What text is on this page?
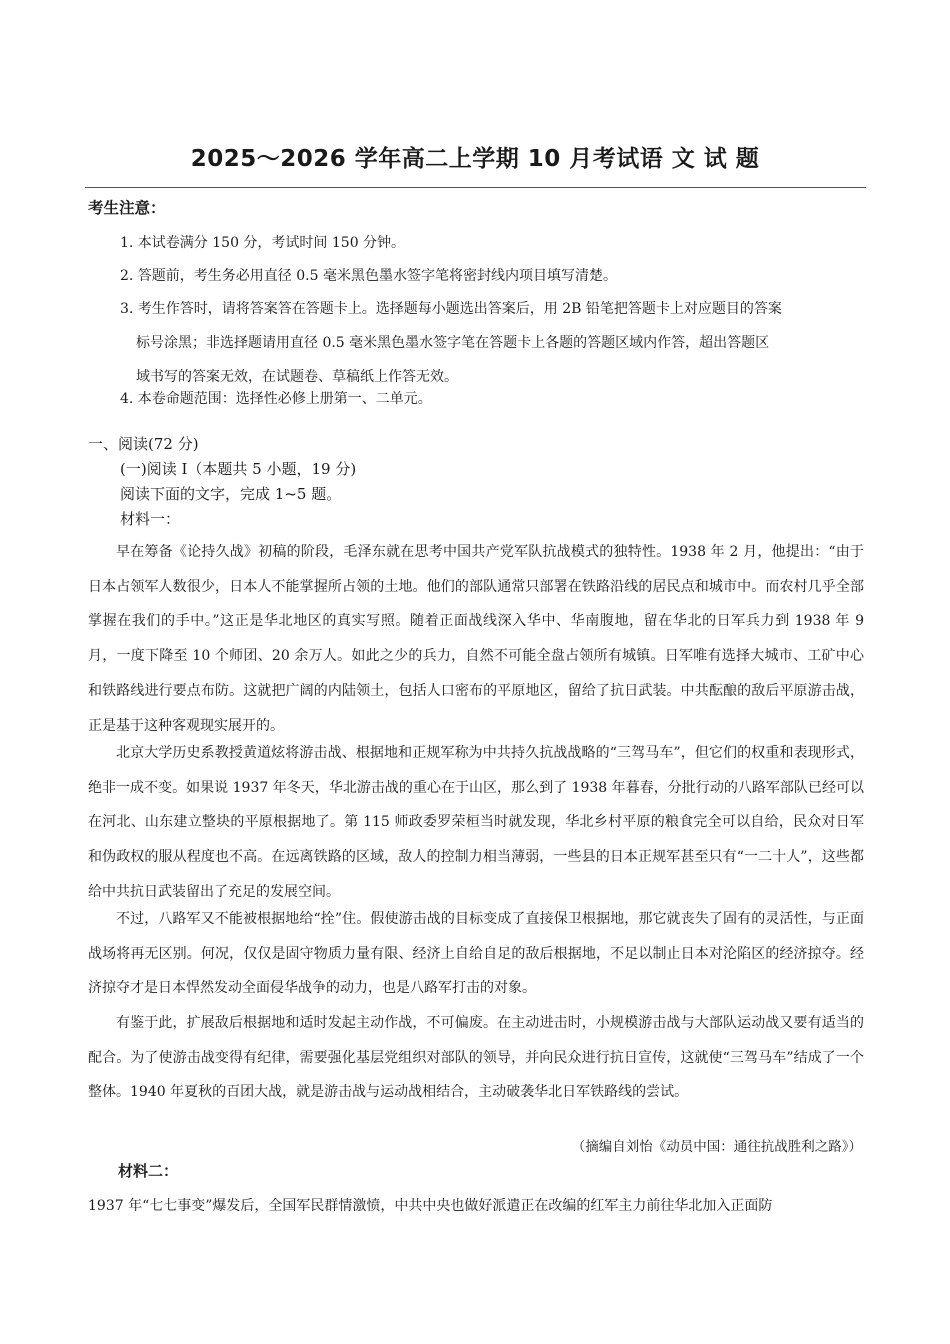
2025～2026 学年高二上学期 10 月考试语 文 试 题
考生注意：
1. 本试卷满分 150 分，考试时间 150 分钟。
2. 答题前，考生务必用直径 0.5 毫米黑色墨水签字笔将密封线内项目填写清楚。
3. 考生作答时，请将答案答在答题卡上。选择题每小题选出答案后，用 2B 铅笔把答题卡上对应题目的答案
标号涂黑；非选择题请用直径 0.5 毫米黑色墨水签字笔在答题卡上各题的答题区域内作答，超出答题区
域书写的答案无效，在试题卷、草稿纸上作答无效。
4. 本卷命题范围：选择性必修上册第一、二单元。
一、阅读(72 分)
(一)阅读 I（本题共 5 小题，19 分)
阅读下面的文字，完成 1~5 题。
材料一：

早在筹备《论持久战》初稿的阶段，毛泽东就在思考中国共产党军队抗战模式的独特性。1938 年 2 月，他提出：“由于日本占领军人数很少，日本人不能掌握所占领的土地。他们的部队通常只部署在铁路沿线的居民点和城市中。而农村几乎全部掌握在我们的手中。”这正是华北地区的真实写照。随着正面战线深入华中、华南腹地，留在华北的日军兵力到 1938 年 9 月，一度下降至 10 个师团、20 余万人。如此之少的兵力，自然不可能全盘占领所有城镇。日军唯有选择大城市、工矿中心和铁路线进行要点布防。这就把广阔的内陆领土，包括人口密布的平原地区，留给了抗日武装。中共酝酿的敌后平原游击战，正是基于这种客观现实展开的。

北京大学历史系教授黄道炫将游击战、根据地和正规军称为中共持久抗战战略的“三驾马车”，但它们的权重和表现形式，绝非一成不变。如果说 1937 年冬天，华北游击战的重心在于山区，那么到了 1938 年暮春，分批行动的八路军部队已经可以在河北、山东建立整块的平原根据地了。第 115 师政委罗荣桓当时就发现，华北乡村平原的粮食完全可以自给，民众对日军和伪政权的服从程度也不高。在远离铁路的区域，敌人的控制力相当薄弱，一些县的日本正规军甚至只有“一二十人”，这些都给中共抗日武装留出了充足的发展空间。

不过，八路军又不能被根据地给“拴”住。假使游击战的目标变成了直接保卫根据地，那它就丧失了固有的灵活性，与正面战场将再无区别。何况，仅仅是固守物质力量有限、经济上自给自足的敌后根据地，不足以制止日本对沦陷区的经济掠夺。经济掠夺才是日本悍然发动全面侵华战争的动力，也是八路军打击的对象。

有鉴于此，扩展敌后根据地和适时发起主动作战，不可偏废。在主动进击时，小规模游击战与大部队运动战又要有适当的配合。为了使游击战变得有纪律，需要强化基层党组织对部队的领导，并向民众进行抗日宣传，这就使“三驾马车”结成了一个整体。1940 年夏秋的百团大战，就是游击战与运动战相结合，主动破袭华北日军铁路线的尝试。

（摘编自刘怡《动员中国：通往抗战胜利之路》）
材料二：

1937 年“七七事变”爆发后，全国军民群情激愤，中共中央也做好派遣正在改编的红军主力前往华北加入正面防
